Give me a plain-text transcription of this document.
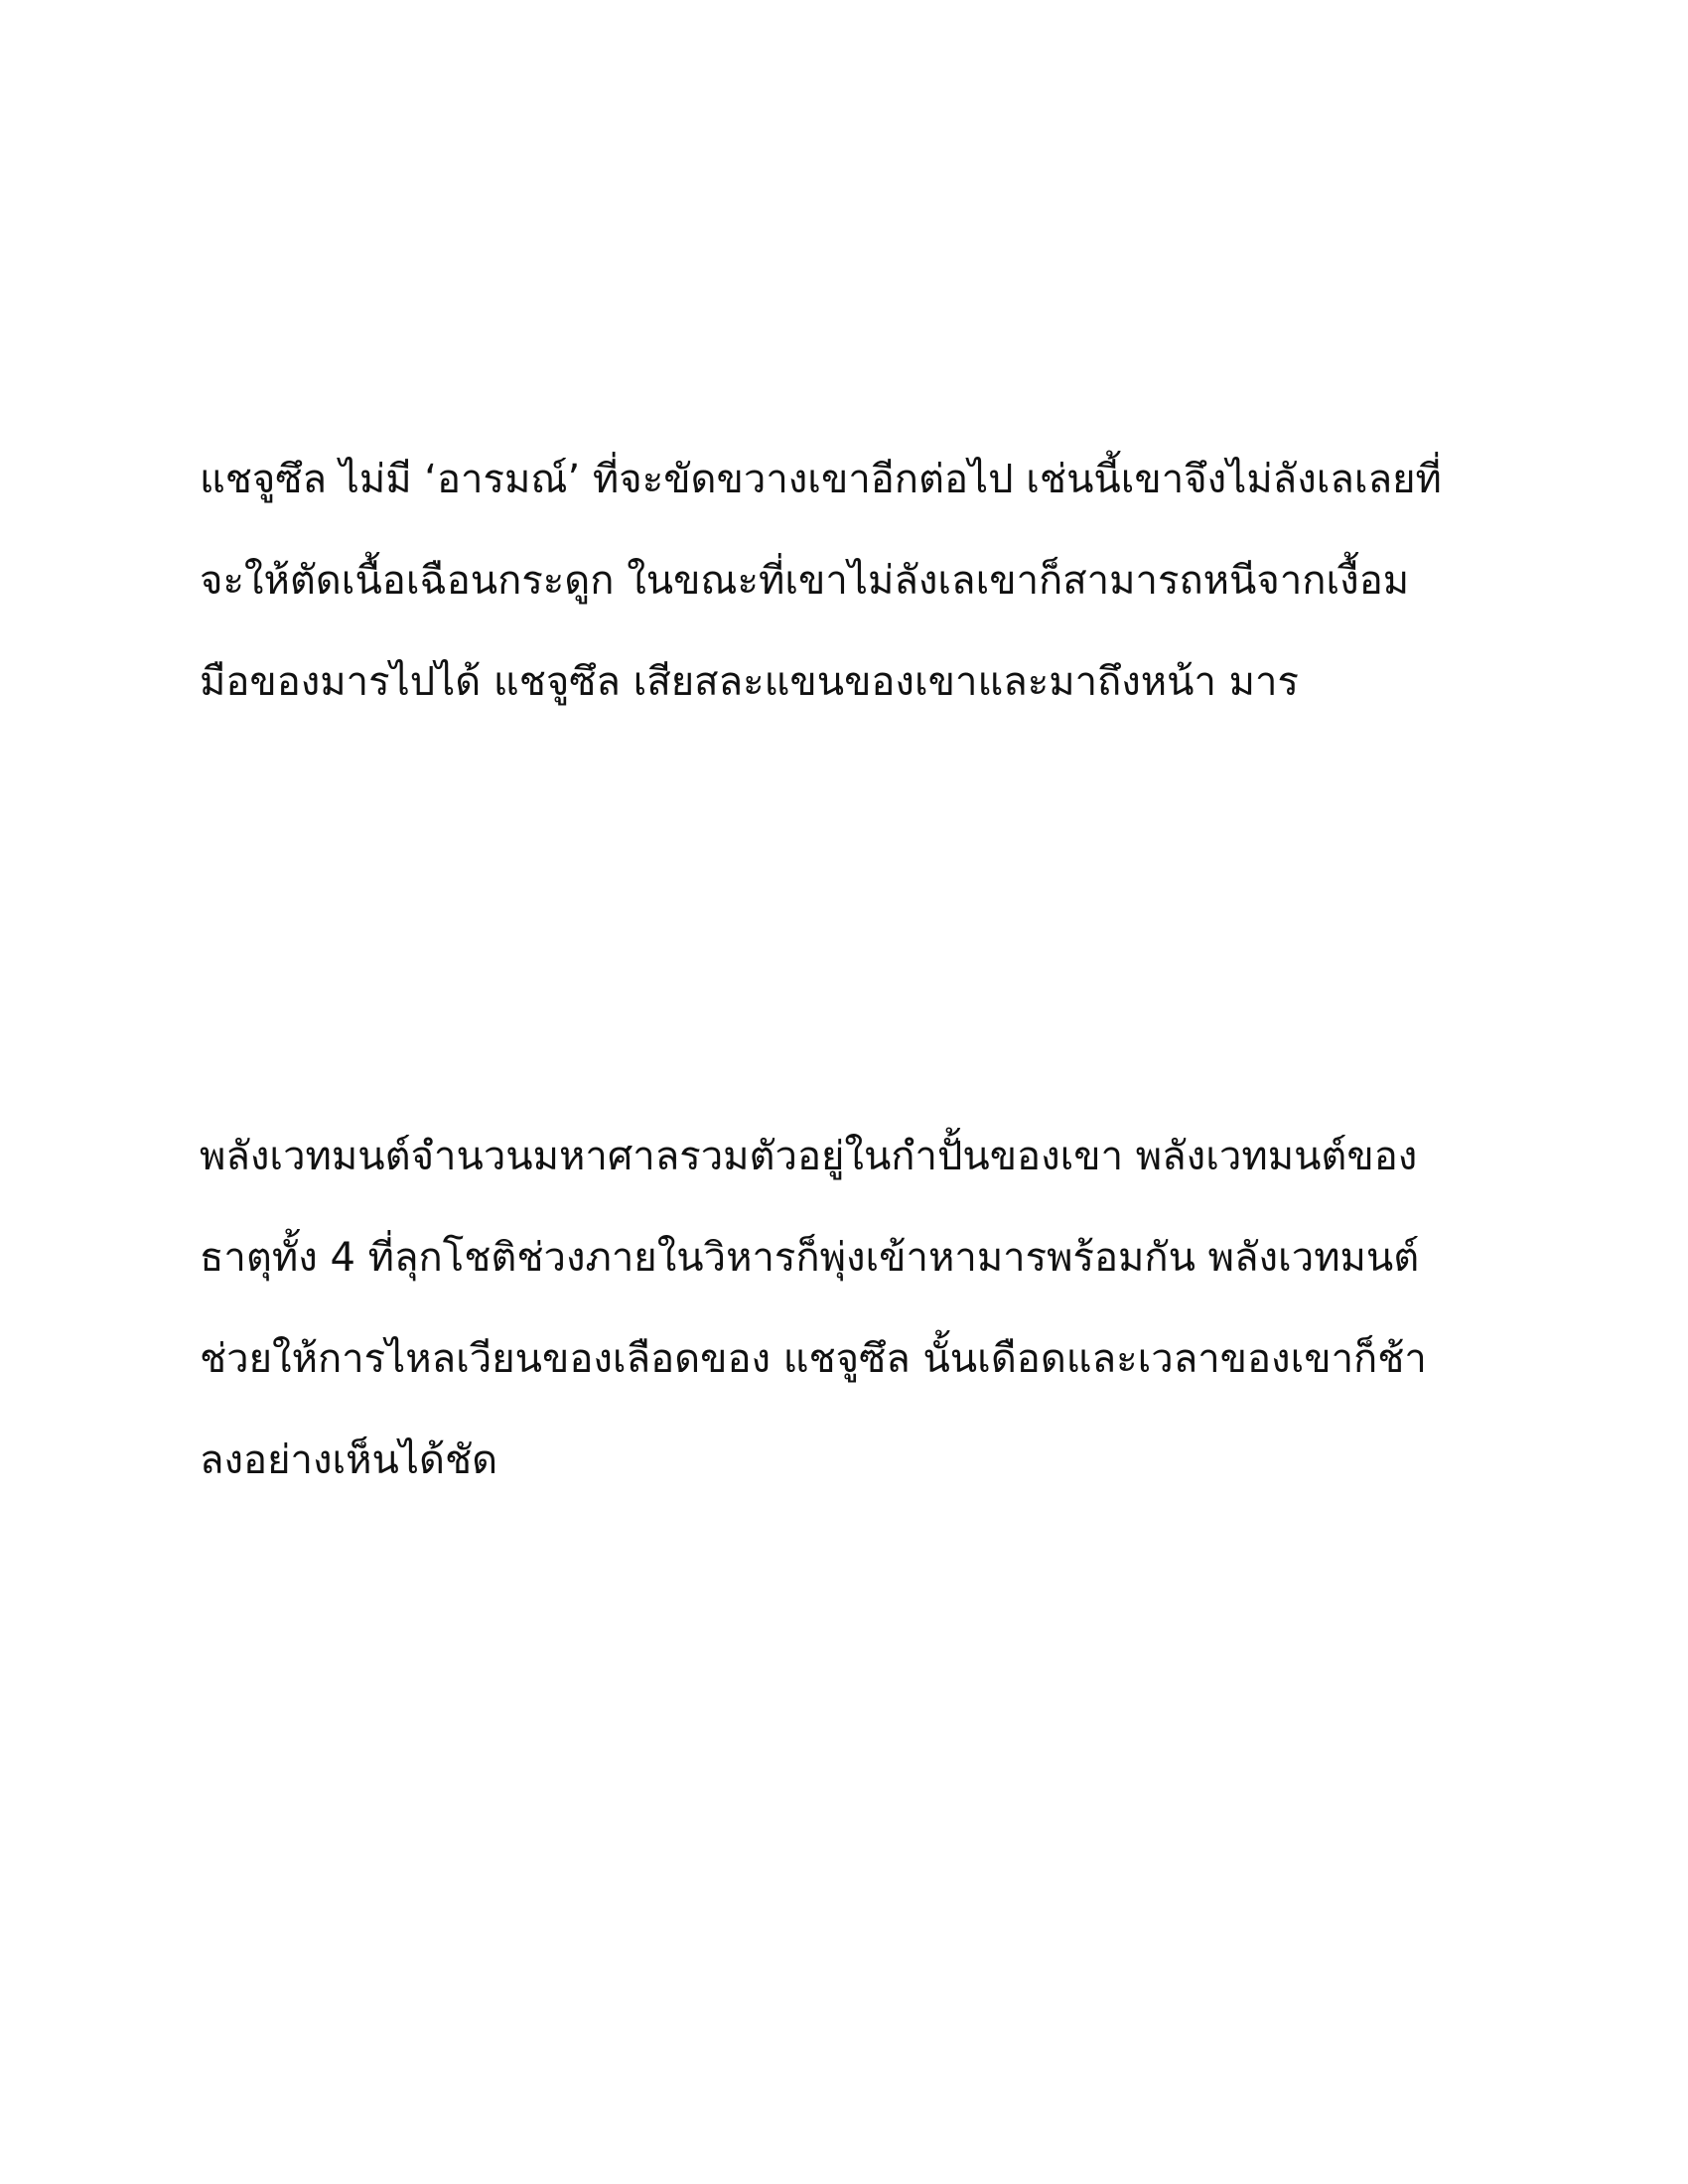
แชจูซึล ไม่มี ‘อารมณ์’ ที่จะขัดขวางเขาอีกต่อไป เช่นนี้เขาจึงไม่ลังเลเลยที่
จะให้ตัดเนื้อเฉือนกระดูก ในขณะที่เขาไม่ลังเลเขาก็สามารถหนีจากเงื้อม
มือของมารไปได้ แชจูซึล เสียสละแขนของเขาและมาถึงหน้า มาร
พลังเวทมนต์จำนวนมหาศาลรวมตัวอยู่ในกำปั้นของเขา พลังเวทมนต์ของ
ธาตุทั้ง 4 ที่ลุกโชติช่วงภายในวิหารก็พุ่งเข้าหามารพร้อมกัน พลังเวทมนต์
ช่วยให้การไหลเวียนของเลือดของ แชจูซึล นั้นเดือดและเวลาของเขาก็ช้า
ลงอย่างเห็นได้ชัด
